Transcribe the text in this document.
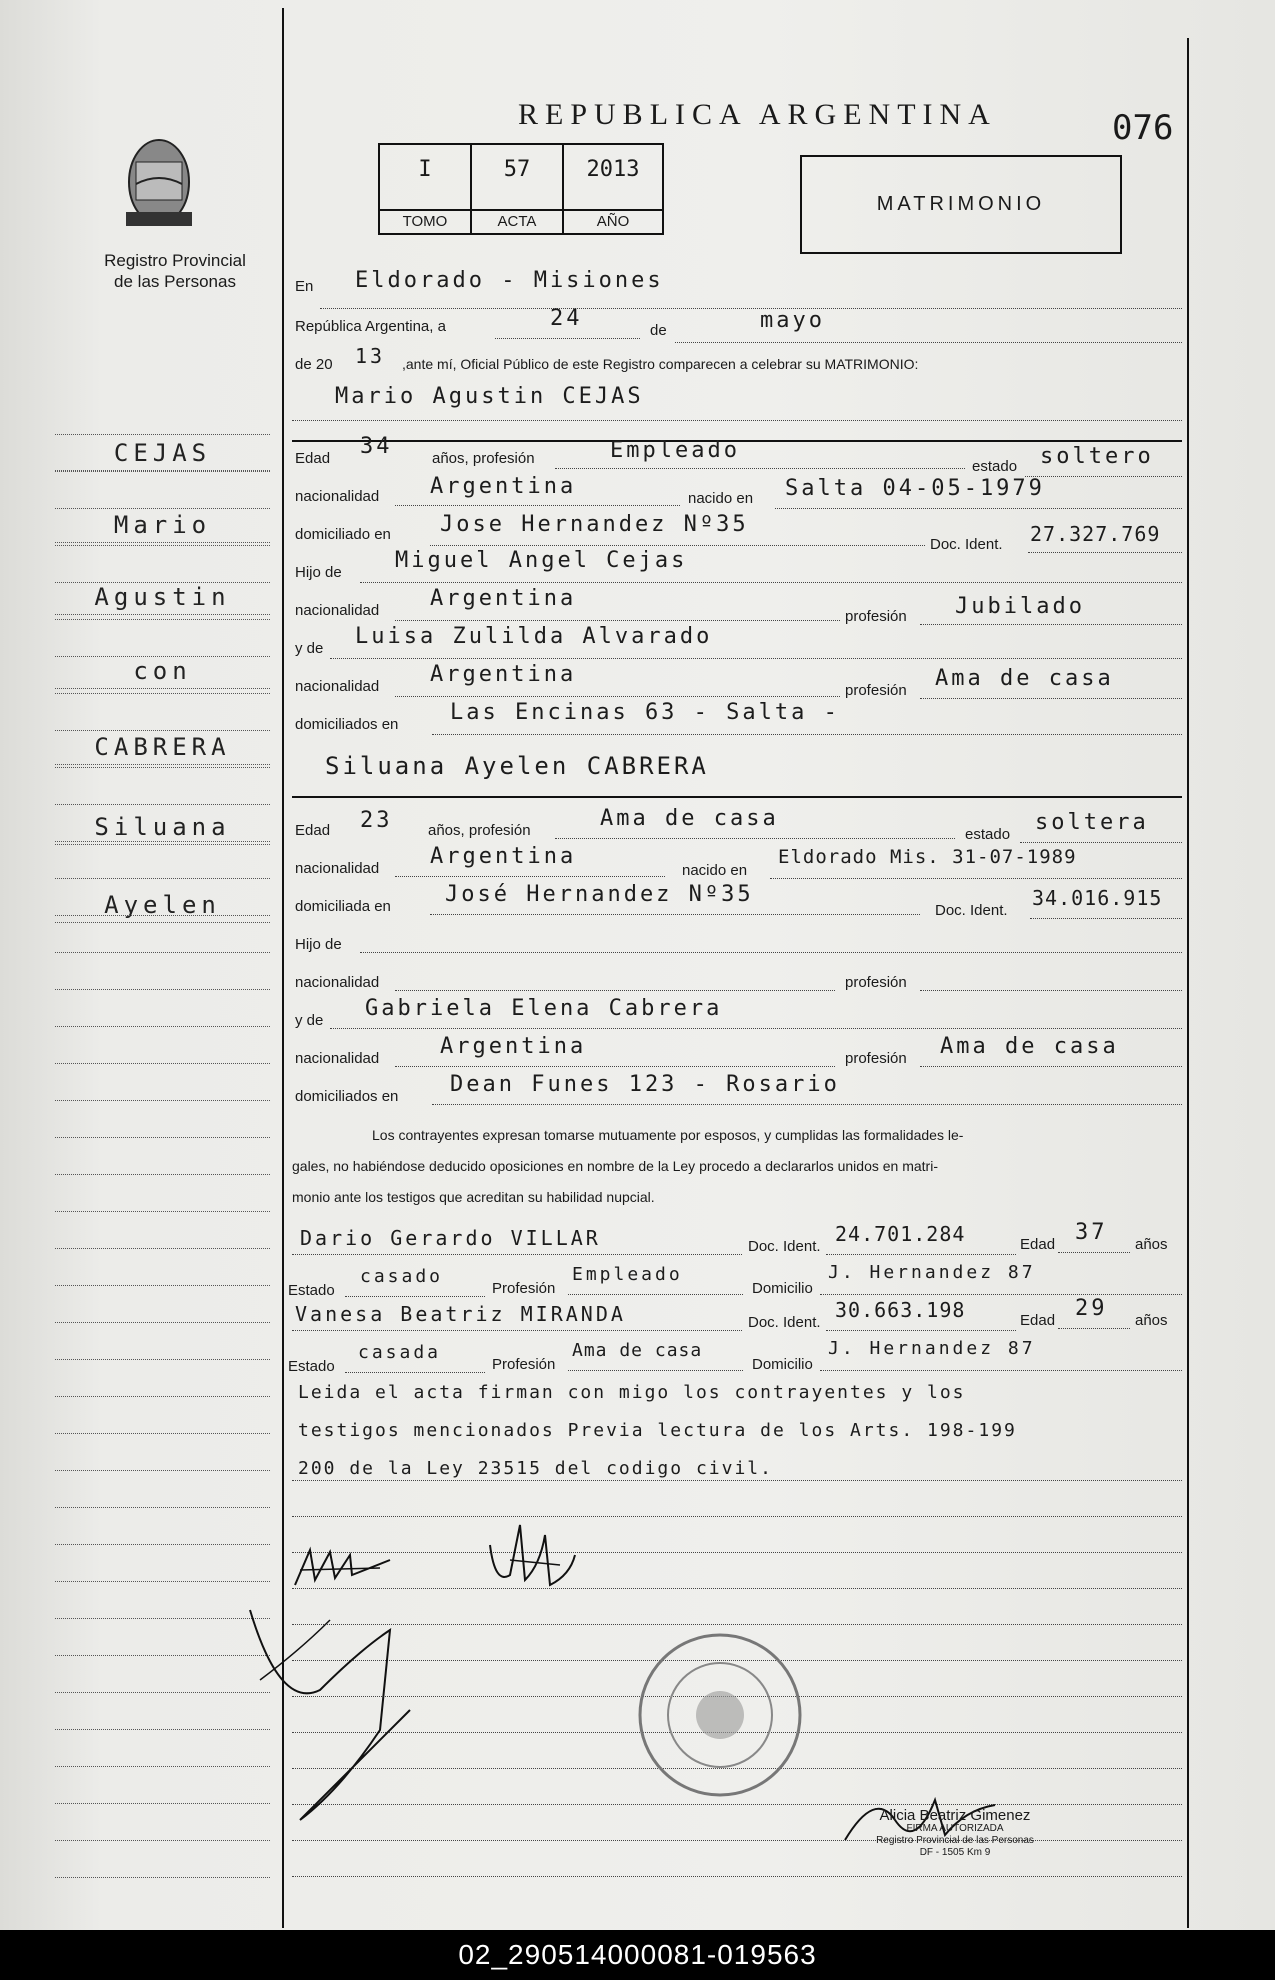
Registro Provincial
de las Personas
REPUBLICA ARGENTINA	076
I
TOMO
57
ACTA
2013
AÑO
MATRIMONIO
CEJAS
Mario
Agustin
con
CABRERA
Siluana
Ayelen
En Eldorado - Misiones
República Argentina, a	24	de	mayo
de 20 13 ,ante mí, Oficial Público de este Registro comparecen a celebrar su MATRIMONIO:
Mario Agustin CEJAS
Edad 34	años, profesión	Empleado
estado soltero
nacionalidad Argentina	nacido en Salta 04-05-1979
domiciliado en Jose Hernandez Nº35
Doc. Ident. 27.327.769
Hijo de Miguel Angel Cejas
nacionalidad Argentina
profesión Jubilado
y de Luisa Zulilda Alvarado
nacionalidad Argentina
profesión Ama de casa
domiciliados en Las Encinas 63 - Salta -
Siluana Ayelen CABRERA
Edad 23 años, profesión	Ama de casa
estado soltera
nacionalidad Argentina
nacido en
Eldorado Mis. 31-07-1989
domiciliada en José Hernandez Nº35
Doc. Ident.
34.016.915
Hijo de
nacionalidad	profesión
y de Gabriela Elena Cabrera
nacionalidad	Argentina	profesión Ama de casa
domiciliados en Dean Funes 123 - Rosario
Los contrayentes expresan tomarse mutuamente por esposos, y cumplidas las formalidades le-
gales, no habiéndose deducido oposiciones en nombre de la Ley procedo a declararlos unidos en matri-
monio ante los testigos que acreditan su habilidad nupcial.
Dario Gerardo VILLAR	Doc. Ident.
24.701.284	Edad 37 años
Estado
casado
Profesión
Empleado
Domicilio
J. Hernandez 87
Vanesa Beatriz MIRANDA	Doc. Ident.
30.663.198	Edad 29 años
Estado
casada
Profesión
Ama de casa
Domicilio
J. Hernandez 87
Leida el acta firman con migo los contrayentes y los
testigos mencionados Previa lectura de los Arts. 198-199
200 de la Ley 23515 del codigo civil.
Alicia Beatriz Gimenez
FIRMA AUTORIZADA
Registro Provincial de las Personas
DF - 1505 Km 9
02_290514000081-019563
